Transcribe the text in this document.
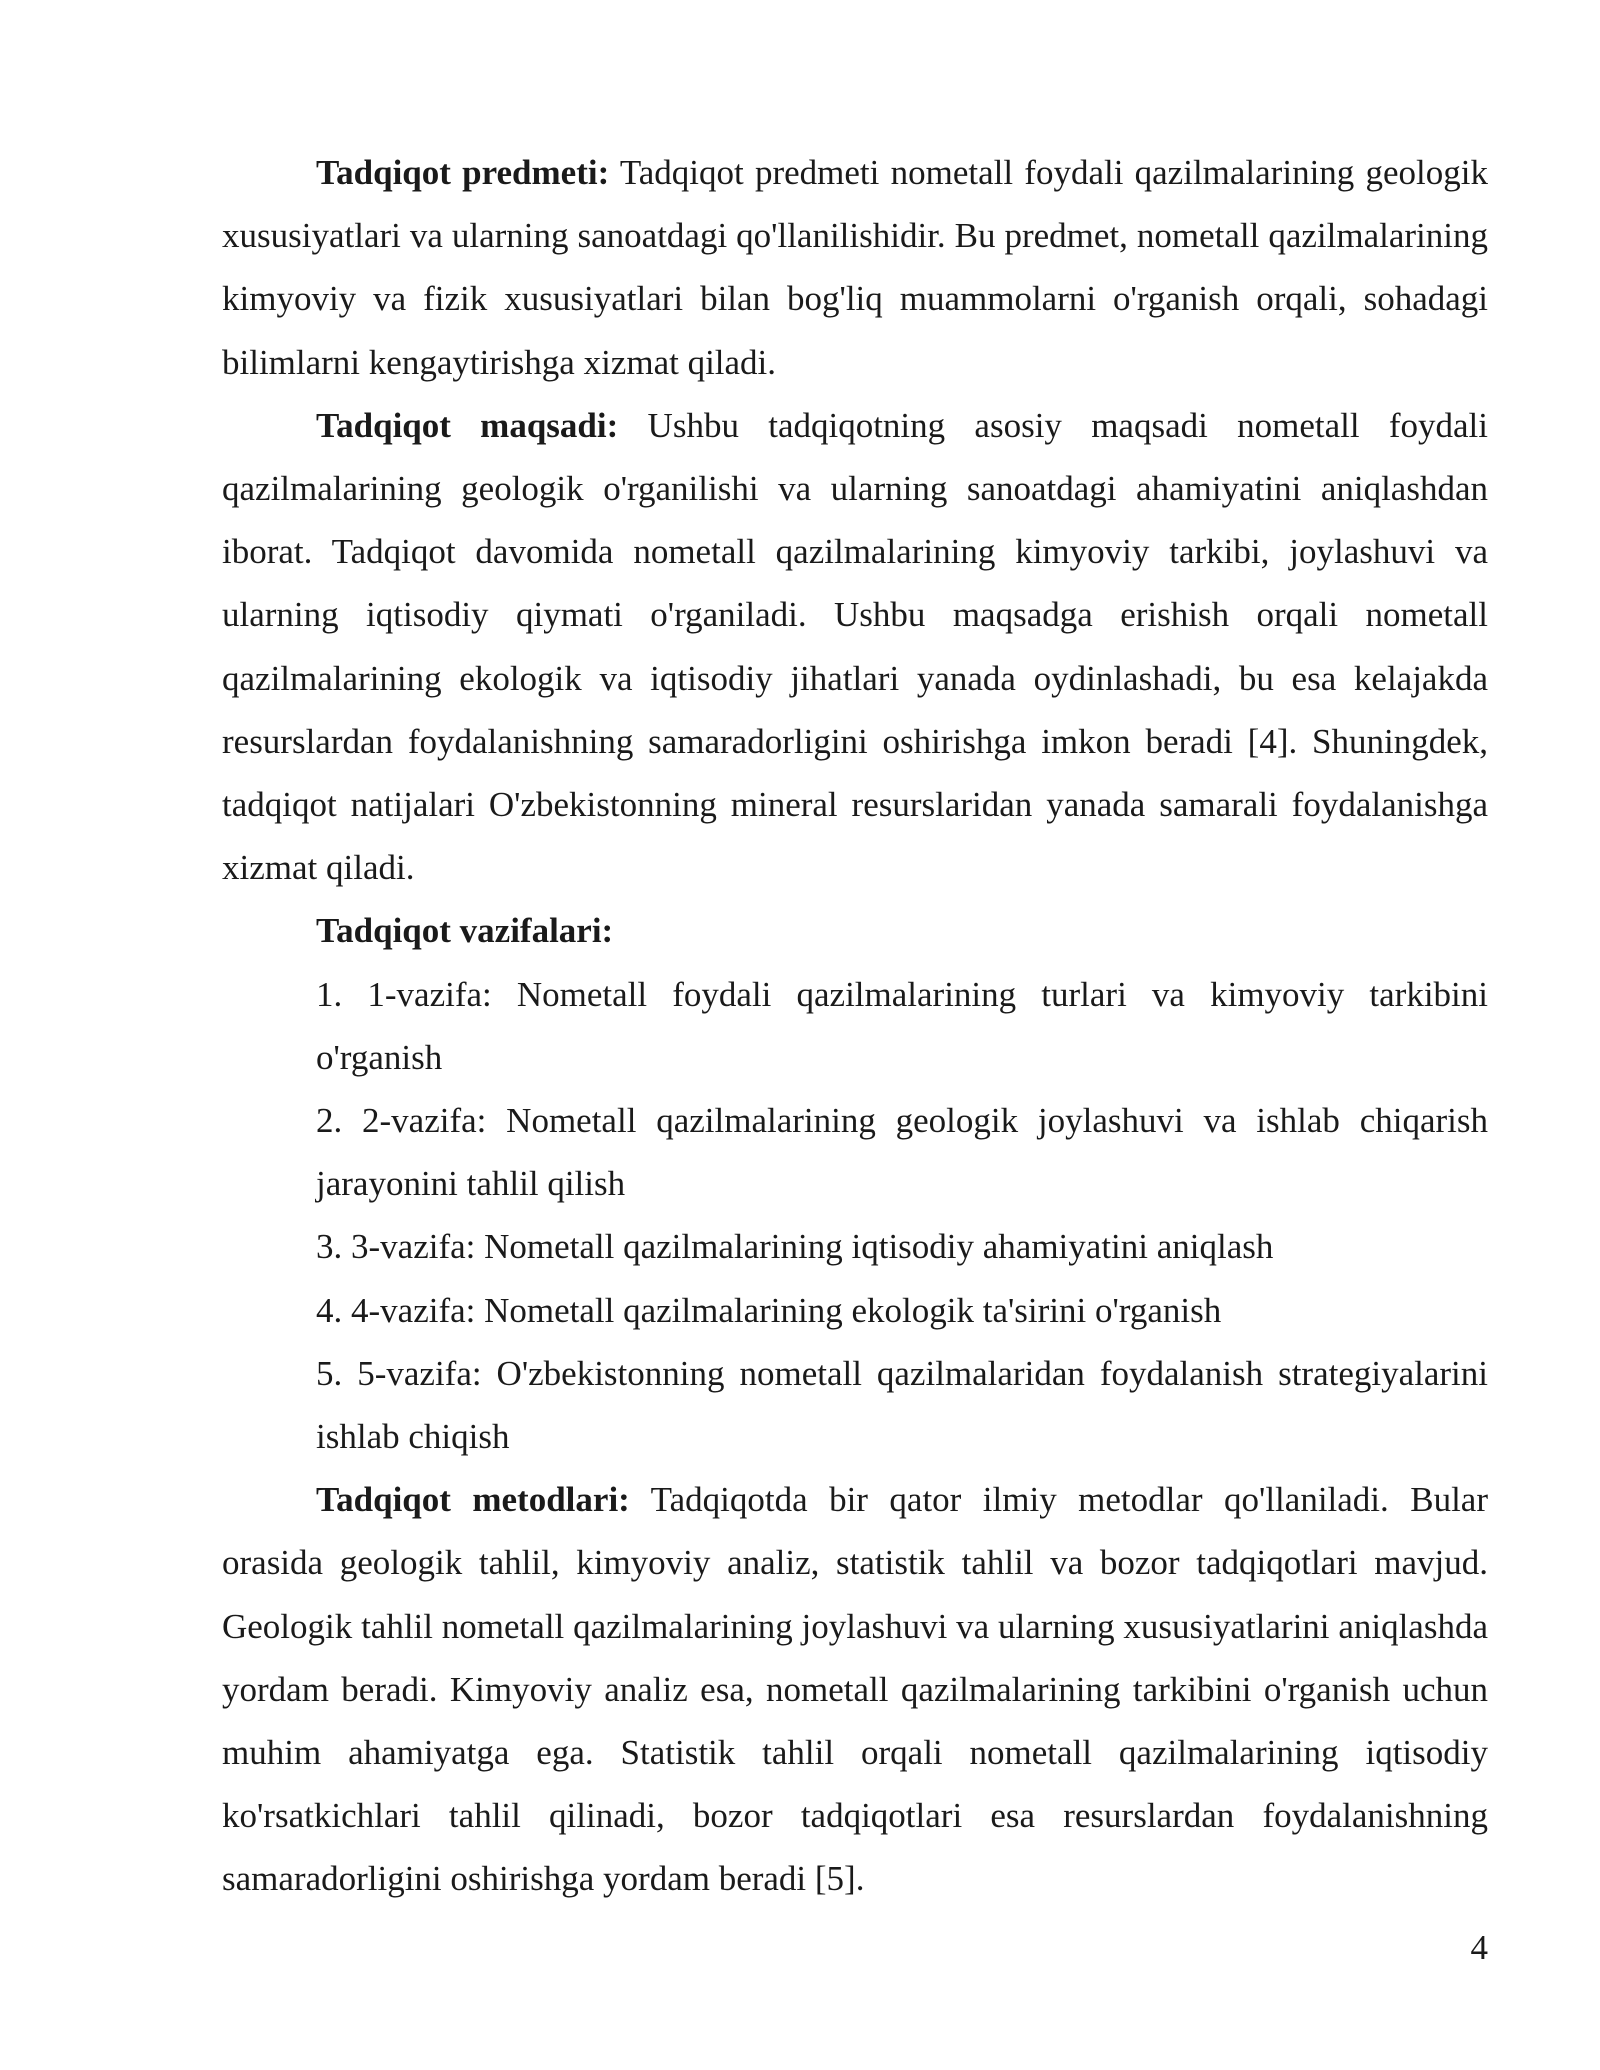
Tadqiqot predmeti: Tadqiqot predmeti nometall foydali qazilmalarining geologik xususiyatlari va ularning sanoatdagi qo'llanilishidir. Bu predmet, nometall qazilmalarining kimyoviy va fizik xususiyatlari bilan bog'liq muammolarni o'rganish orqali, sohadagi bilimlarni kengaytirishga xizmat qiladi.

Tadqiqot maqsadi: Ushbu tadqiqotning asosiy maqsadi nometall foydali qazilmalarining geologik o'rganilishi va ularning sanoatdagi ahamiyatini aniqlashdan iborat. Tadqiqot davomida nometall qazilmalarining kimyoviy tarkibi, joylashuvi va ularning iqtisodiy qiymati o'rganiladi. Ushbu maqsadga erishish orqali nometall qazilmalarining ekologik va iqtisodiy jihatlari yanada oydinlashadi, bu esa kelajakda resurslardan foydalanishning samaradorligini oshirishga imkon beradi [4]. Shuningdek, tadqiqot natijalari O'zbekistonning mineral resurslaridan yanada samarali foydalanishga xizmat qiladi.

Tadqiqot vazifalari:

1. 1-vazifa: Nometall foydali qazilmalarining turlari va kimyoviy tarkibini o'rganish

2. 2-vazifa: Nometall qazilmalarining geologik joylashuvi va ishlab chiqarish jarayonini tahlil qilish

3. 3-vazifa: Nometall qazilmalarining iqtisodiy ahamiyatini aniqlash

4. 4-vazifa: Nometall qazilmalarining ekologik ta'sirini o'rganish

5. 5-vazifa: O'zbekistonning nometall qazilmalaridan foydalanish strategiyalarini ishlab chiqish

Tadqiqot metodlari: Tadqiqotda bir qator ilmiy metodlar qo'llaniladi. Bular orasida geologik tahlil, kimyoviy analiz, statistik tahlil va bozor tadqiqotlari mavjud. Geologik tahlil nometall qazilmalarining joylashuvi va ularning xususiyatlarini aniqlashda yordam beradi. Kimyoviy analiz esa, nometall qazilmalarining tarkibini o'rganish uchun muhim ahamiyatga ega. Statistik tahlil orqali nometall qazilmalarining iqtisodiy ko'rsatkichlari tahlil qilinadi, bozor tadqiqotlari esa resurslardan foydalanishning samaradorligini oshirishga yordam beradi [5].

4
